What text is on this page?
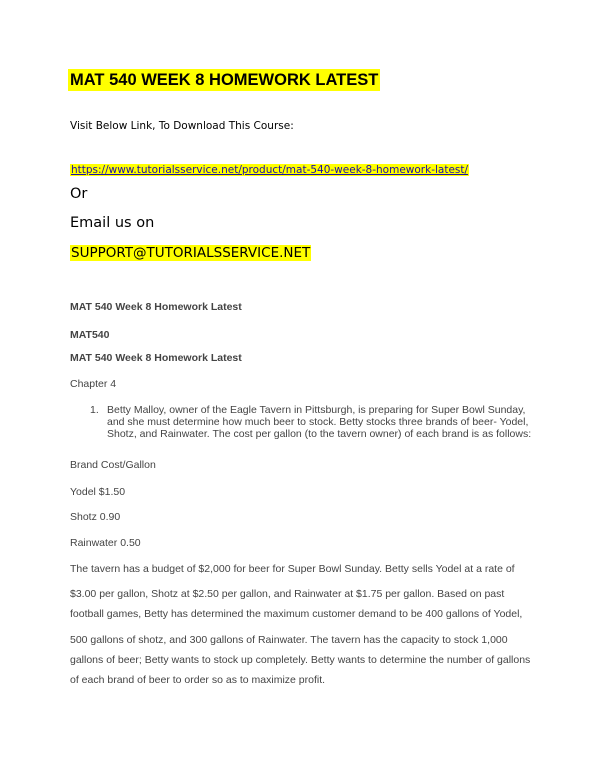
MAT 540 WEEK 8 HOMEWORK LATEST
Visit Below Link, To Download This Course:
https://www.tutorialsservice.net/product/mat-540-week-8-homework-latest/
Or
Email us on
SUPPORT@TUTORIALSSERVICE.NET
MAT 540 Week 8 Homework Latest
MAT540
MAT 540 Week 8 Homework Latest
Chapter 4
1. Betty Malloy, owner of the Eagle Tavern in Pittsburgh, is preparing for Super Bowl Sunday, and she must determine how much beer to stock. Betty stocks three brands of beer- Yodel, Shotz, and Rainwater. The cost per gallon (to the tavern owner) of each brand is as follows:
Brand Cost/Gallon
Yodel $1.50
Shotz 0.90
Rainwater 0.50
The tavern has a budget of $2,000 for beer for Super Bowl Sunday. Betty sells Yodel at a rate of
$3.00 per gallon, Shotz at $2.50 per gallon, and Rainwater at $1.75 per gallon. Based on past football games, Betty has determined the maximum customer demand to be 400 gallons of Yodel,
500 gallons of shotz, and 300 gallons of Rainwater. The tavern has the capacity to stock 1,000 gallons of beer; Betty wants to stock up completely. Betty wants to determine the number of gallons of each brand of beer to order so as to maximize profit.
